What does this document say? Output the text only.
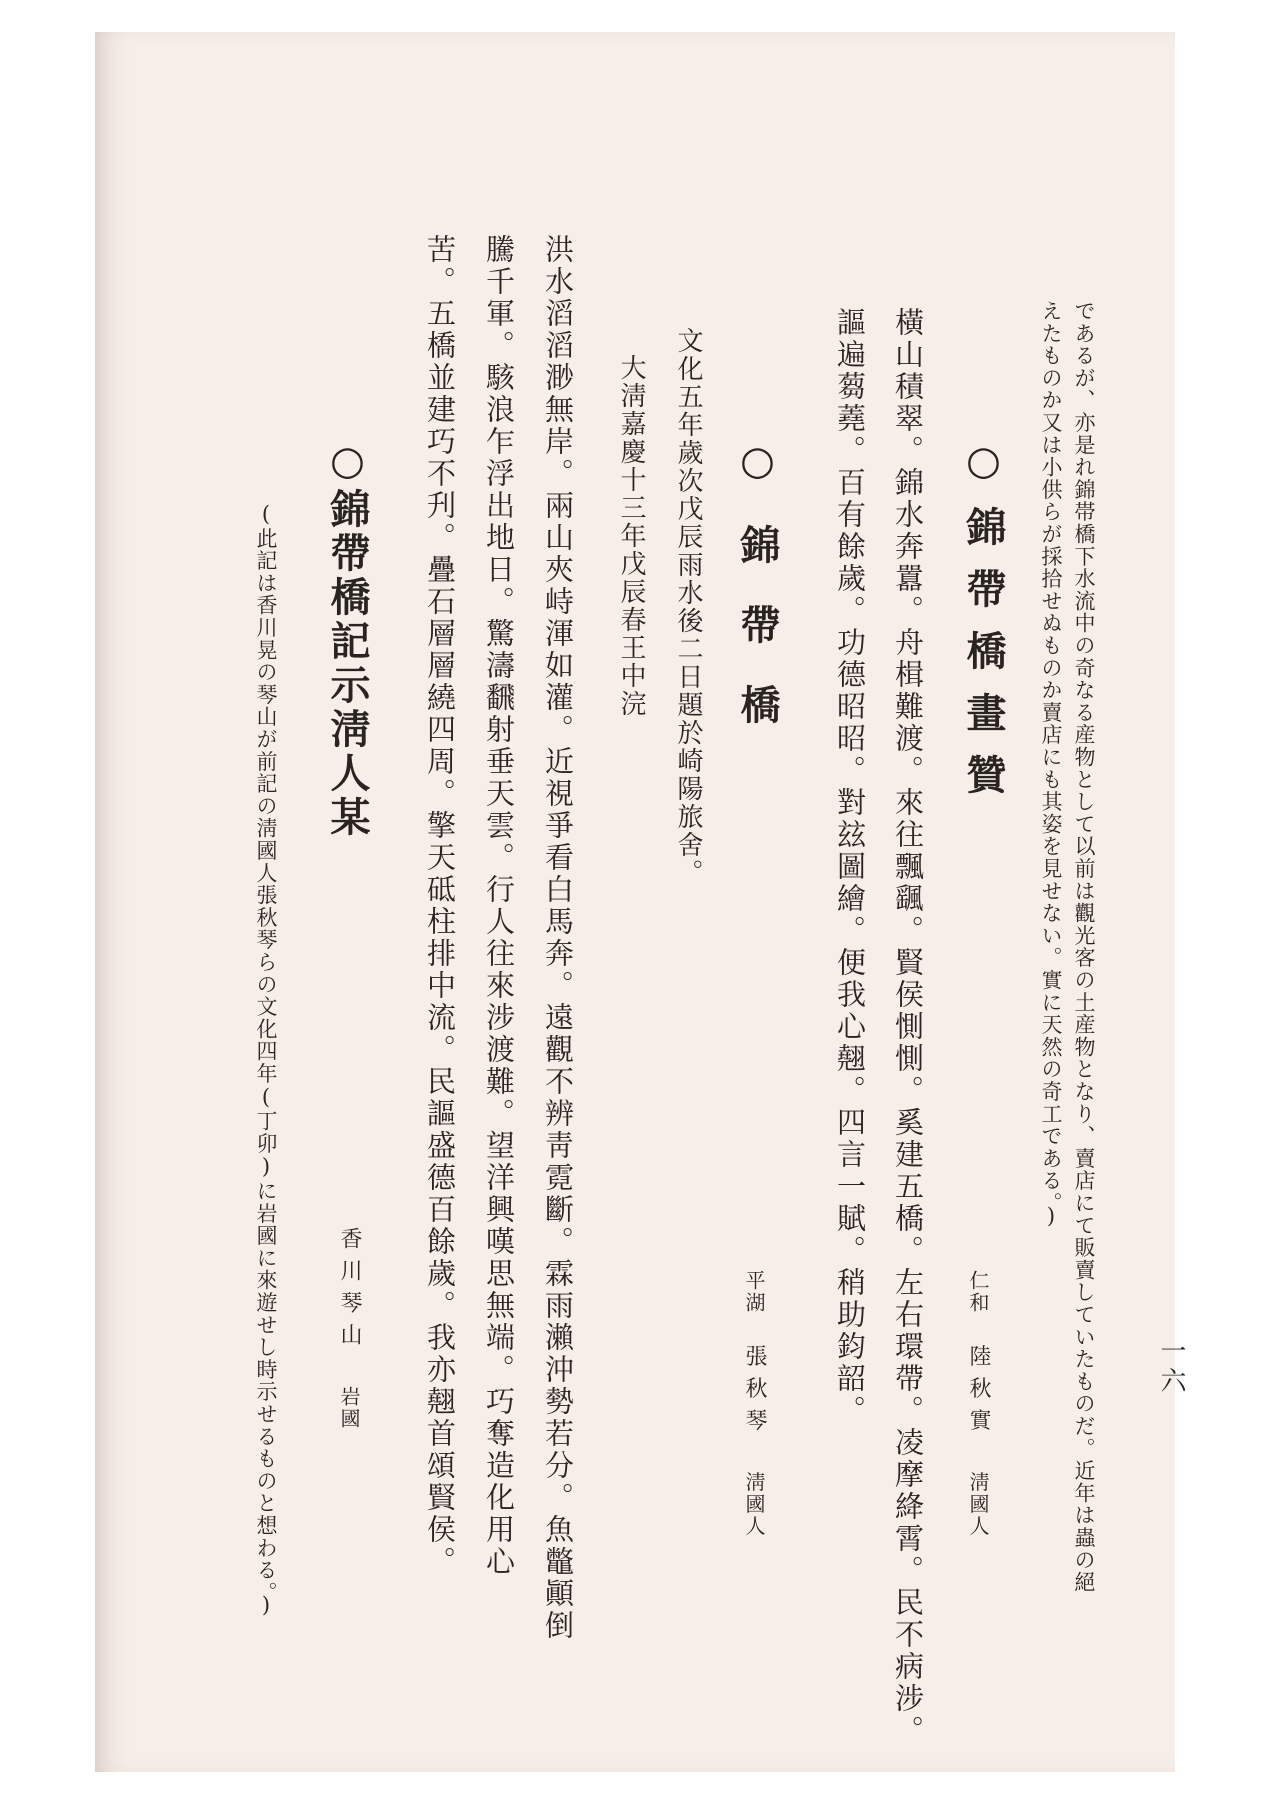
一六
であるが、亦是れ錦帯橋下水流中の奇なる産物として以前は觀光客の土産物となり、賣店にて販賣していたものだ。近年は蟲の絕
えたものか又は小供らが採拾せぬものか賣店にも其姿を見せない。實に天然の奇工である。)
○錦帶橋畫贊
仁和陸秋實淸國人
橫山積翠。錦水奔囂。舟楫難渡。來往飄颻。賢侯惻惻。奚建五橋。左右環帶。凌摩絳霄。民不病涉。
謳遍蒭蕘。百有餘歲。功德昭昭。對玆圖繪。便我心翹。四言一賦。稍助鈞韶。
○錦帶橋
平湖張秋琴淸國人
文化五年歲次戊辰雨水後二日題於崎陽旅舍。
大淸嘉慶十三年戊辰春王中浣
洪水滔滔渺無岸。兩山夾峙渾如灌。近視爭看白馬奔。遠觀不辨靑霓斷。霖雨瀨沖勢若分。魚鼈顚倒
騰千軍。駭浪乍浮出地日。驚濤飜射垂天雲。行人往來涉渡難。望洋興嘆思無端。巧奪造化用心
苦。五橋並建巧不刋。疊石層層繞四周。擎天砥柱排中流。民謳盛德百餘歲。我亦翹首頌賢侯。
○錦帶橋記示淸人某
香川琴山岩國
(此記は香川晃の琴山が前記の淸國人張秋琴らの文化四年(丁卯)に岩國に來遊せし時示せるものと想わる。)
